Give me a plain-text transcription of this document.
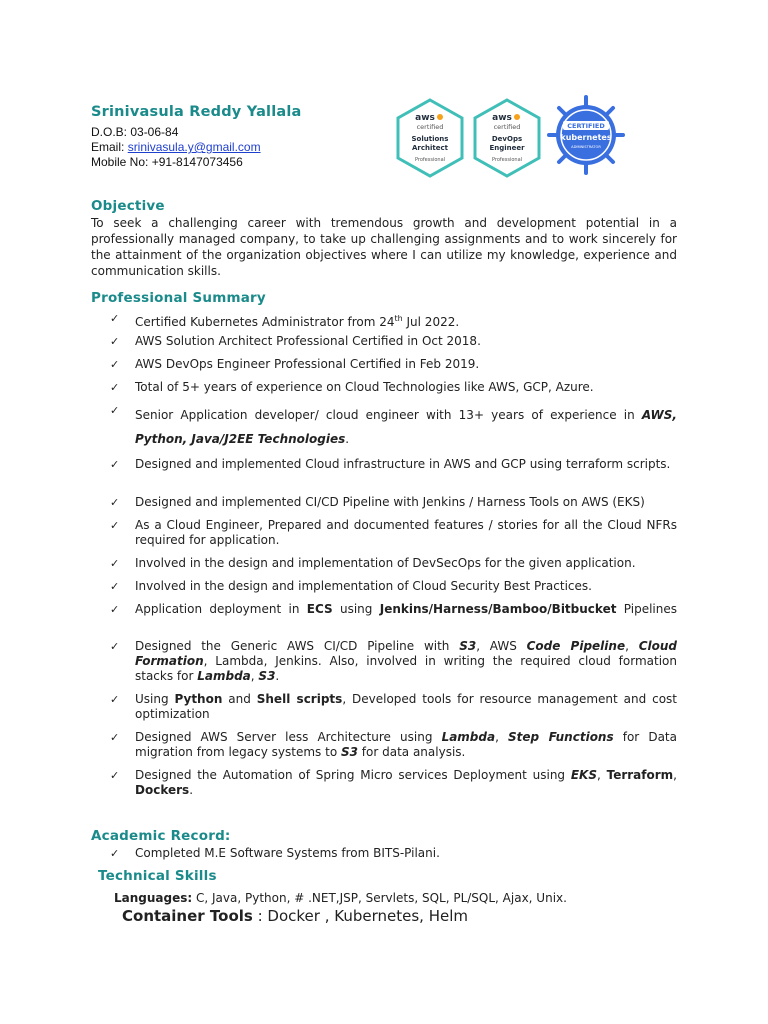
Srinivasula Reddy Yallala
D.O.B: 03-06-84
Email: srinivasula.y@gmail.com
Mobile No: +91-8147073456
aws
certified
Solutions
Architect
Professional
aws
certified
DevOps
Engineer
Professional
CERTIFIED
kubernetes
ADMINISTRATOR
Objective
To seek a challenging career with tremendous growth and development potential in a professionally managed company, to take up challenging assignments and to work sincerely for the attainment of the organization objectives where I can utilize my knowledge, experience and communication skills.
Professional Summary
✓ Certified Kubernetes Administrator from 24th Jul 2022.
✓ AWS Solution Architect Professional Certified in Oct 2018.
✓ AWS DevOps Engineer Professional Certified in Feb 2019.
✓ Total of 5+ years of experience on Cloud Technologies like AWS, GCP, Azure.
✓ Senior Application developer/ cloud engineer with 13+ years of experience in AWS, Python, Java/J2EE Technologies.
✓ Designed and implemented Cloud infrastructure in AWS and GCP using terraform scripts.
✓ Designed and implemented CI/CD Pipeline with Jenkins / Harness Tools on AWS (EKS)
✓ As a Cloud Engineer, Prepared and documented features / stories for all the Cloud NFRs required for application.
✓ Involved in the design and implementation of DevSecOps for the given application.
✓ Involved in the design and implementation of Cloud Security Best Practices.
✓ Application deployment in ECS using Jenkins/Harness/Bamboo/Bitbucket Pipelines
✓ Designed the Generic AWS CI/CD Pipeline with S3, AWS Code Pipeline, Cloud Formation, Lambda, Jenkins. Also, involved in writing the required cloud formation stacks for Lambda, S3.
✓ Using Python and Shell scripts, Developed tools for resource management and cost optimization
✓ Designed AWS Server less Architecture using Lambda, Step Functions for Data migration from legacy systems to S3 for data analysis.
✓ Designed the Automation of Spring Micro services Deployment using EKS, Terraform, Dockers.
Academic Record:
✓ Completed M.E Software Systems from BITS-Pilani.
Technical Skills
Languages: C, Java, Python, # .NET,JSP, Servlets, SQL, PL/SQL, Ajax, Unix.
Container Tools : Docker , Kubernetes, Helm
